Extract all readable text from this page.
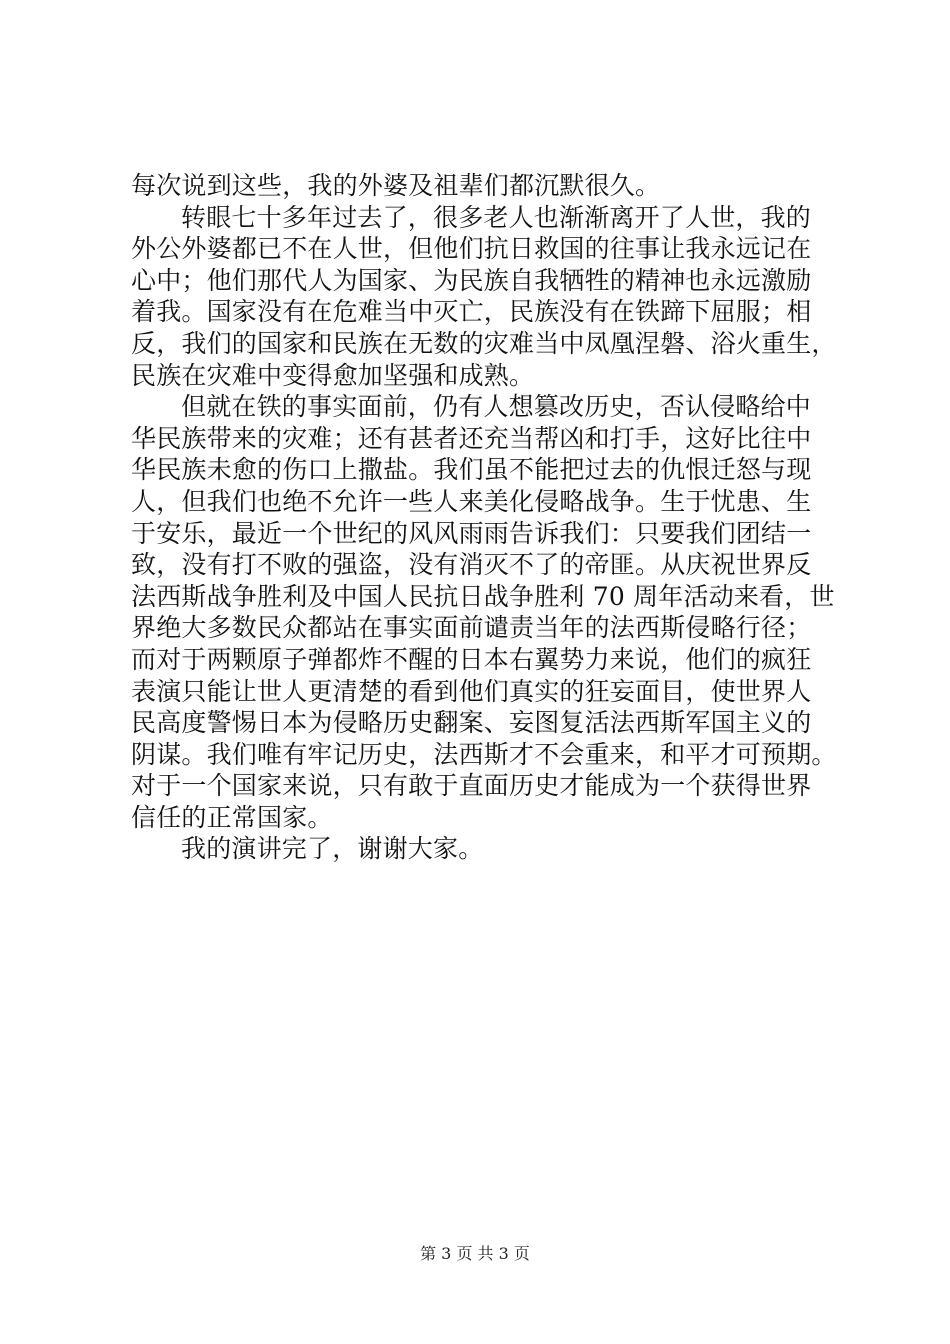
每次说到这些，我的外婆及祖辈们都沉默很久。
转眼七十多年过去了，很多老人也渐渐离开了人世，我的
外公外婆都已不在人世，但他们抗日救国的往事让我永远记在
心中；他们那代人为国家、为民族自我牺牲的精神也永远激励
着我。国家没有在危难当中灭亡，民族没有在铁蹄下屈服；相
反，我们的国家和民族在无数的灾难当中凤凰涅磐、浴火重生，
民族在灾难中变得愈加坚强和成熟。
但就在铁的事实面前，仍有人想篡改历史，否认侵略给中
华民族带来的灾难；还有甚者还充当帮凶和打手，这好比往中
华民族未愈的伤口上撒盐。我们虽不能把过去的仇恨迁怒与现
人，但我们也绝不允许一些人来美化侵略战争。生于忧患、生
于安乐，最近一个世纪的风风雨雨告诉我们：只要我们团结一
致，没有打不败的强盗，没有消灭不了的帝匪。从庆祝世界反
法西斯战争胜利及中国人民抗日战争胜利 70 周年活动来看，世
界绝大多数民众都站在事实面前谴责当年的法西斯侵略行径；
而对于两颗原子弹都炸不醒的日本右翼势力来说，他们的疯狂
表演只能让世人更清楚的看到他们真实的狂妄面目，使世界人
民高度警惕日本为侵略历史翻案、妄图复活法西斯军国主义的
阴谋。我们唯有牢记历史，法西斯才不会重来，和平才可预期。
对于一个国家来说，只有敢于直面历史才能成为一个获得世界
信任的正常国家。
我的演讲完了，谢谢大家。
第 3 页 共 3 页
